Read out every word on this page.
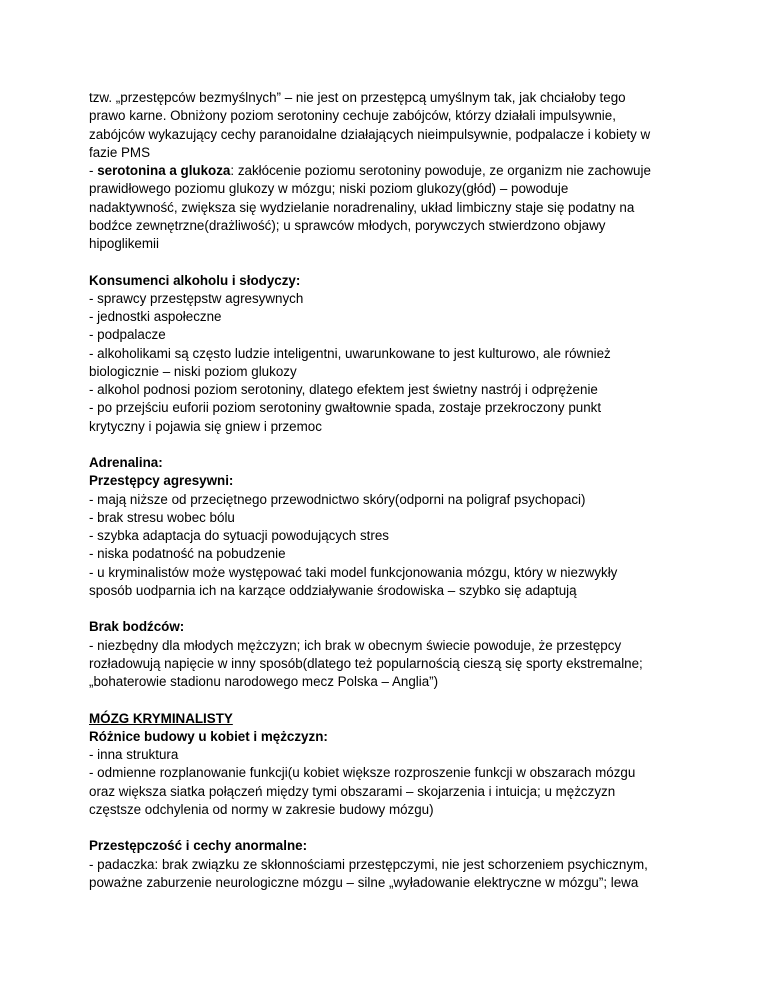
tzw. „przestępców bezmyślnych” – nie jest on przestępcą umyślnym tak, jak chciałoby tego
prawo karne. Obniżony poziom serotoniny cechuje zabójców, którzy działali impulsywnie,
zabójców wykazujący cechy paranoidalne działających nieimpulsywnie, podpalacze i kobiety w
fazie PMS
- serotonina a glukoza: zakłócenie poziomu serotoniny powoduje, ze organizm nie zachowuje
prawidłowego poziomu glukozy w mózgu; niski poziom glukozy(głód) – powoduje
nadaktywność, zwiększa się wydzielanie noradrenaliny, układ limbiczny staje się podatny na
bodźce zewnętrzne(drażliwość); u sprawców młodych, porywczych stwierdzono objawy
hipoglikemii
Konsumenci alkoholu i słodyczy:
- sprawcy przestępstw agresywnych
- jednostki aspołeczne
- podpalacze
- alkoholikami są często ludzie inteligentni, uwarunkowane to jest kulturowo, ale również
biologicznie – niski poziom glukozy
- alkohol podnosi poziom serotoniny, dlatego efektem jest świetny nastrój i odprężenie
- po przejściu euforii poziom serotoniny gwałtownie spada, zostaje przekroczony punkt
krytyczny i pojawia się gniew i przemoc
Adrenalina:
Przestępcy agresywni:
- mają niższe od przeciętnego przewodnictwo skóry(odporni na poligraf psychopaci)
- brak stresu wobec bólu
- szybka adaptacja do sytuacji powodujących stres
- niska podatność na pobudzenie
- u kryminalistów może występować taki model funkcjonowania mózgu, który w niezwykły
sposób uodparnia ich na karzące oddziaływanie środowiska – szybko się adaptują
Brak bodźców:
- niezbędny dla młodych mężczyzn; ich brak w obecnym świecie powoduje, że przestępcy
rozładowują napięcie w inny sposób(dlatego też popularnością cieszą się sporty ekstremalne;
„bohaterowie stadionu narodowego mecz Polska – Anglia”)
MÓZG KRYMINALISTY
Różnice budowy u kobiet i mężczyzn:
- inna struktura
- odmienne rozplanowanie funkcji(u kobiet większe rozproszenie funkcji w obszarach mózgu
oraz większa siatka połączeń między tymi obszarami – skojarzenia i intuicja; u mężczyzn
częstsze odchylenia od normy w zakresie budowy mózgu)
Przestępczość i cechy anormalne:
- padaczka: brak związku ze skłonnościami przestępczymi, nie jest schorzeniem psychicznym,
poważne zaburzenie neurologiczne mózgu – silne „wyładowanie elektryczne w mózgu”; lewa
